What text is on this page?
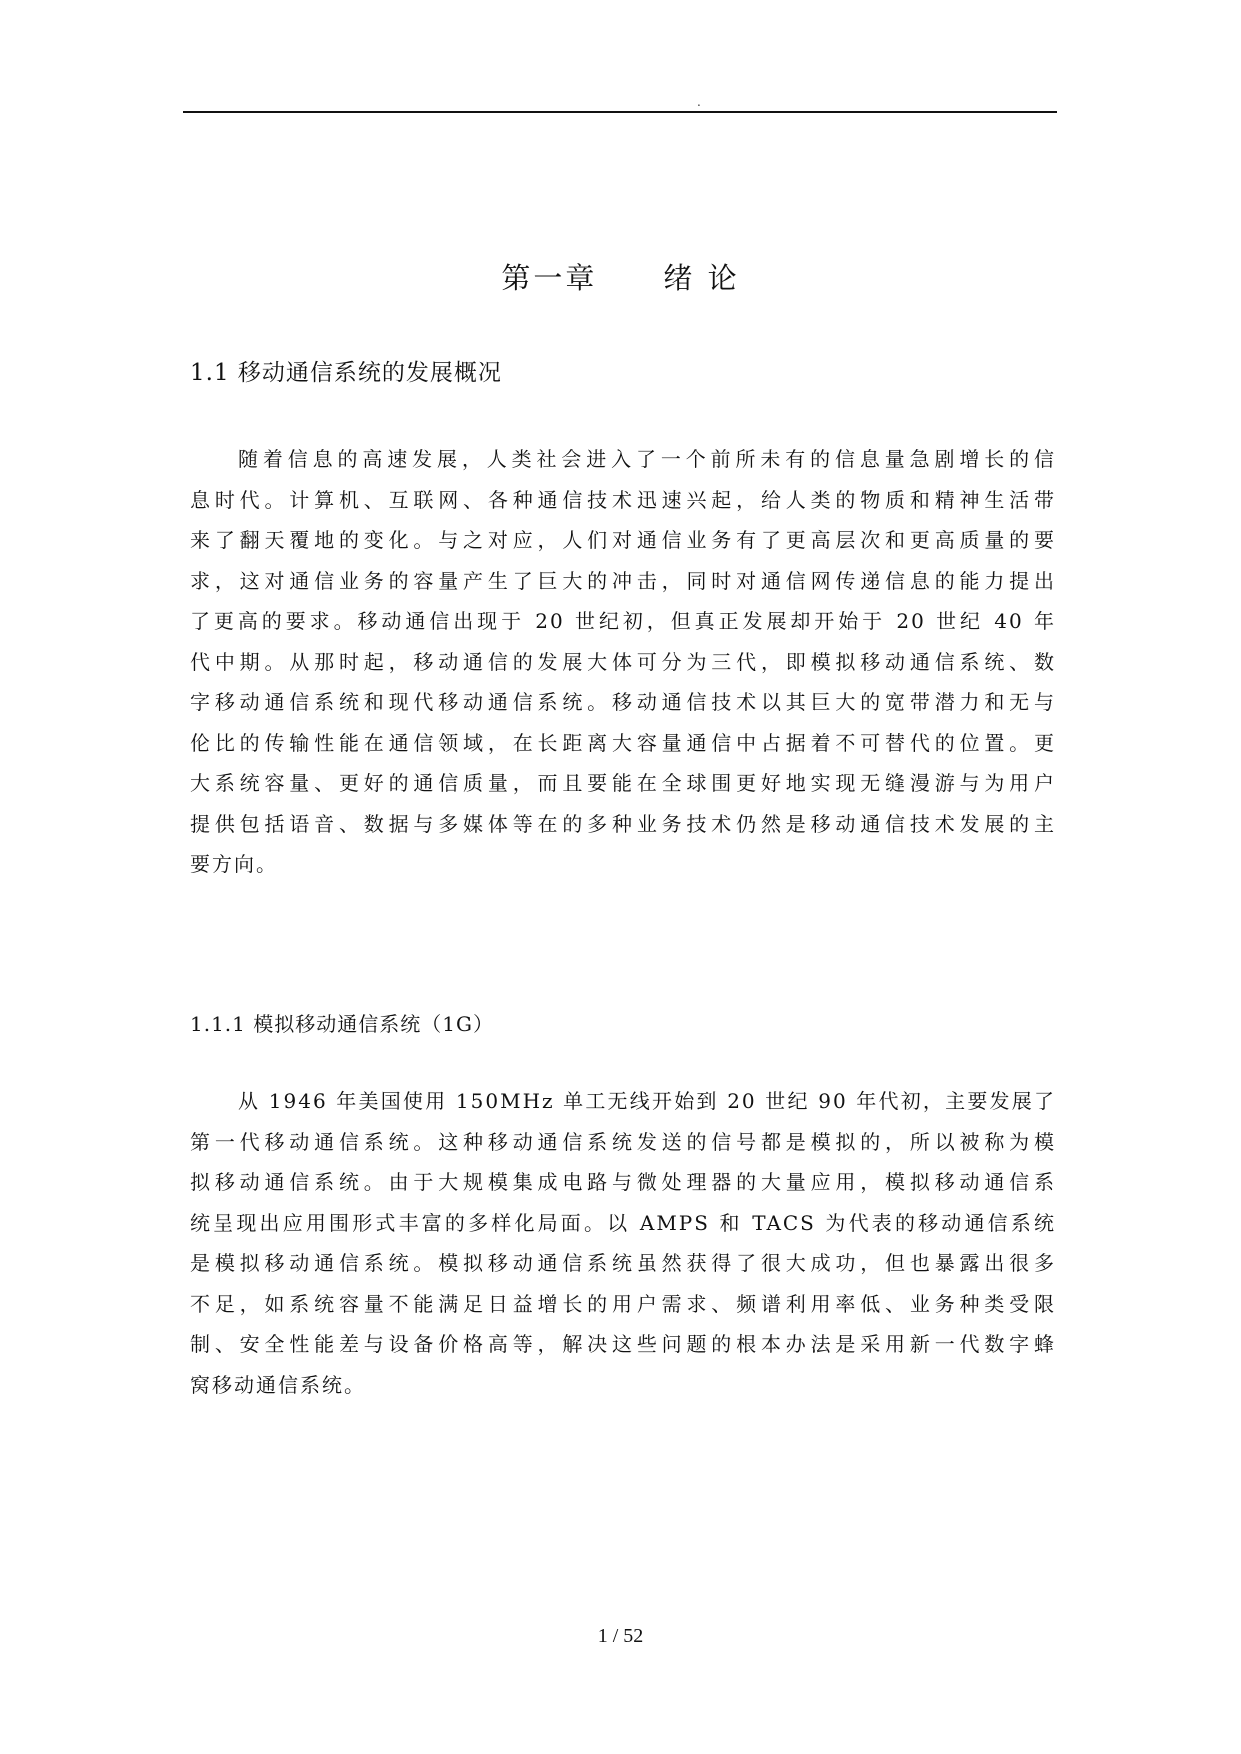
.
第一章 绪 论
1.1 移动通信系统的发展概况
随着信息的高速发展，人类社会进入了一个前所未有的信息量急剧增长的信
息时代。计算机、互联网、各种通信技术迅速兴起，给人类的物质和精神生活带
来了翻天覆地的变化。与之对应，人们对通信业务有了更高层次和更高质量的要
求，这对通信业务的容量产生了巨大的冲击，同时对通信网传递信息的能力提出
了更高的要求。移动通信出现于 20 世纪初，但真正发展却开始于 20 世纪 40 年
代中期。从那时起，移动通信的发展大体可分为三代，即模拟移动通信系统、数
字移动通信系统和现代移动通信系统。移动通信技术以其巨大的宽带潜力和无与
伦比的传输性能在通信领域，在长距离大容量通信中占据着不可替代的位置。更
大系统容量、更好的通信质量，而且要能在全球围更好地实现无缝漫游与为用户
提供包括语音、数据与多媒体等在的多种业务技术仍然是移动通信技术发展的主
要方向。
1.1.1 模拟移动通信系统（1G）
从 1946 年美国使用 150MHz 单工无线开始到 20 世纪 90 年代初，主要发展了
第一代移动通信系统。这种移动通信系统发送的信号都是模拟的，所以被称为模
拟移动通信系统。由于大规模集成电路与微处理器的大量应用，模拟移动通信系
统呈现出应用围形式丰富的多样化局面。以 AMPS 和 TACS 为代表的移动通信系统
是模拟移动通信系统。模拟移动通信系统虽然获得了很大成功，但也暴露出很多
不足，如系统容量不能满足日益增长的用户需求、频谱利用率低、业务种类受限
制、安全性能差与设备价格高等，解决这些问题的根本办法是采用新一代数字蜂
窝移动通信系统。
1 / 52
